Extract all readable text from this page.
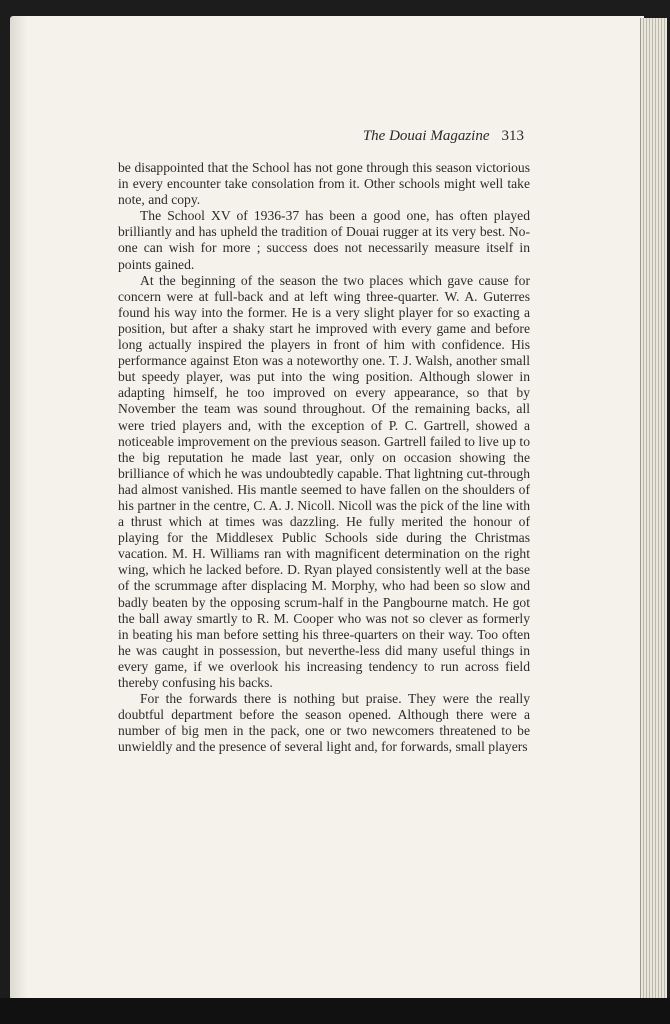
The Douai Magazine 313

be disappointed that the School has not gone through this season victorious in every encounter take consolation from it. Other schools might well take note, and copy.

The School XV of 1936-37 has been a good one, has often played brilliantly and has upheld the tradition of Douai rugger at its very best. No-one can wish for more ; success does not necessarily measure itself in points gained.

At the beginning of the season the two places which gave cause for concern were at full-back and at left wing three-quarter. W. A. Guterres found his way into the former. He is a very slight player for so exacting a position, but after a shaky start he improved with every game and before long actually inspired the players in front of him with confidence. His performance against Eton was a noteworthy one. T. J. Walsh, another small but speedy player, was put into the wing position. Although slower in adapting himself, he too improved on every appearance, so that by November the team was sound throughout. Of the remaining backs, all were tried players and, with the exception of P. C. Gartrell, showed a noticeable improvement on the previous season. Gartrell failed to live up to the big reputation he made last year, only on occasion showing the brilliance of which he was undoubtedly capable. That lightning cut-through had almost vanished. His mantle seemed to have fallen on the shoulders of his partner in the centre, C. A. J. Nicoll. Nicoll was the pick of the line with a thrust which at times was dazzling. He fully merited the honour of playing for the Middlesex Public Schools side during the Christmas vacation. M. H. Williams ran with magnificent determination on the right wing, which he lacked before. D. Ryan played consistently well at the base of the scrummage after displacing M. Morphy, who had been so slow and badly beaten by the opposing scrum-half in the Pangbourne match. He got the ball away smartly to R. M. Cooper who was not so clever as formerly in beating his man before setting his three-quarters on their way. Too often he was caught in possession, but neverthe-less did many useful things in every game, if we overlook his increasing tendency to run across field thereby confusing his backs.

For the forwards there is nothing but praise. They were the really doubtful department before the season opened. Although there were a number of big men in the pack, one or two newcomers threatened to be unwieldly and the presence of several light and, for forwards, small players
